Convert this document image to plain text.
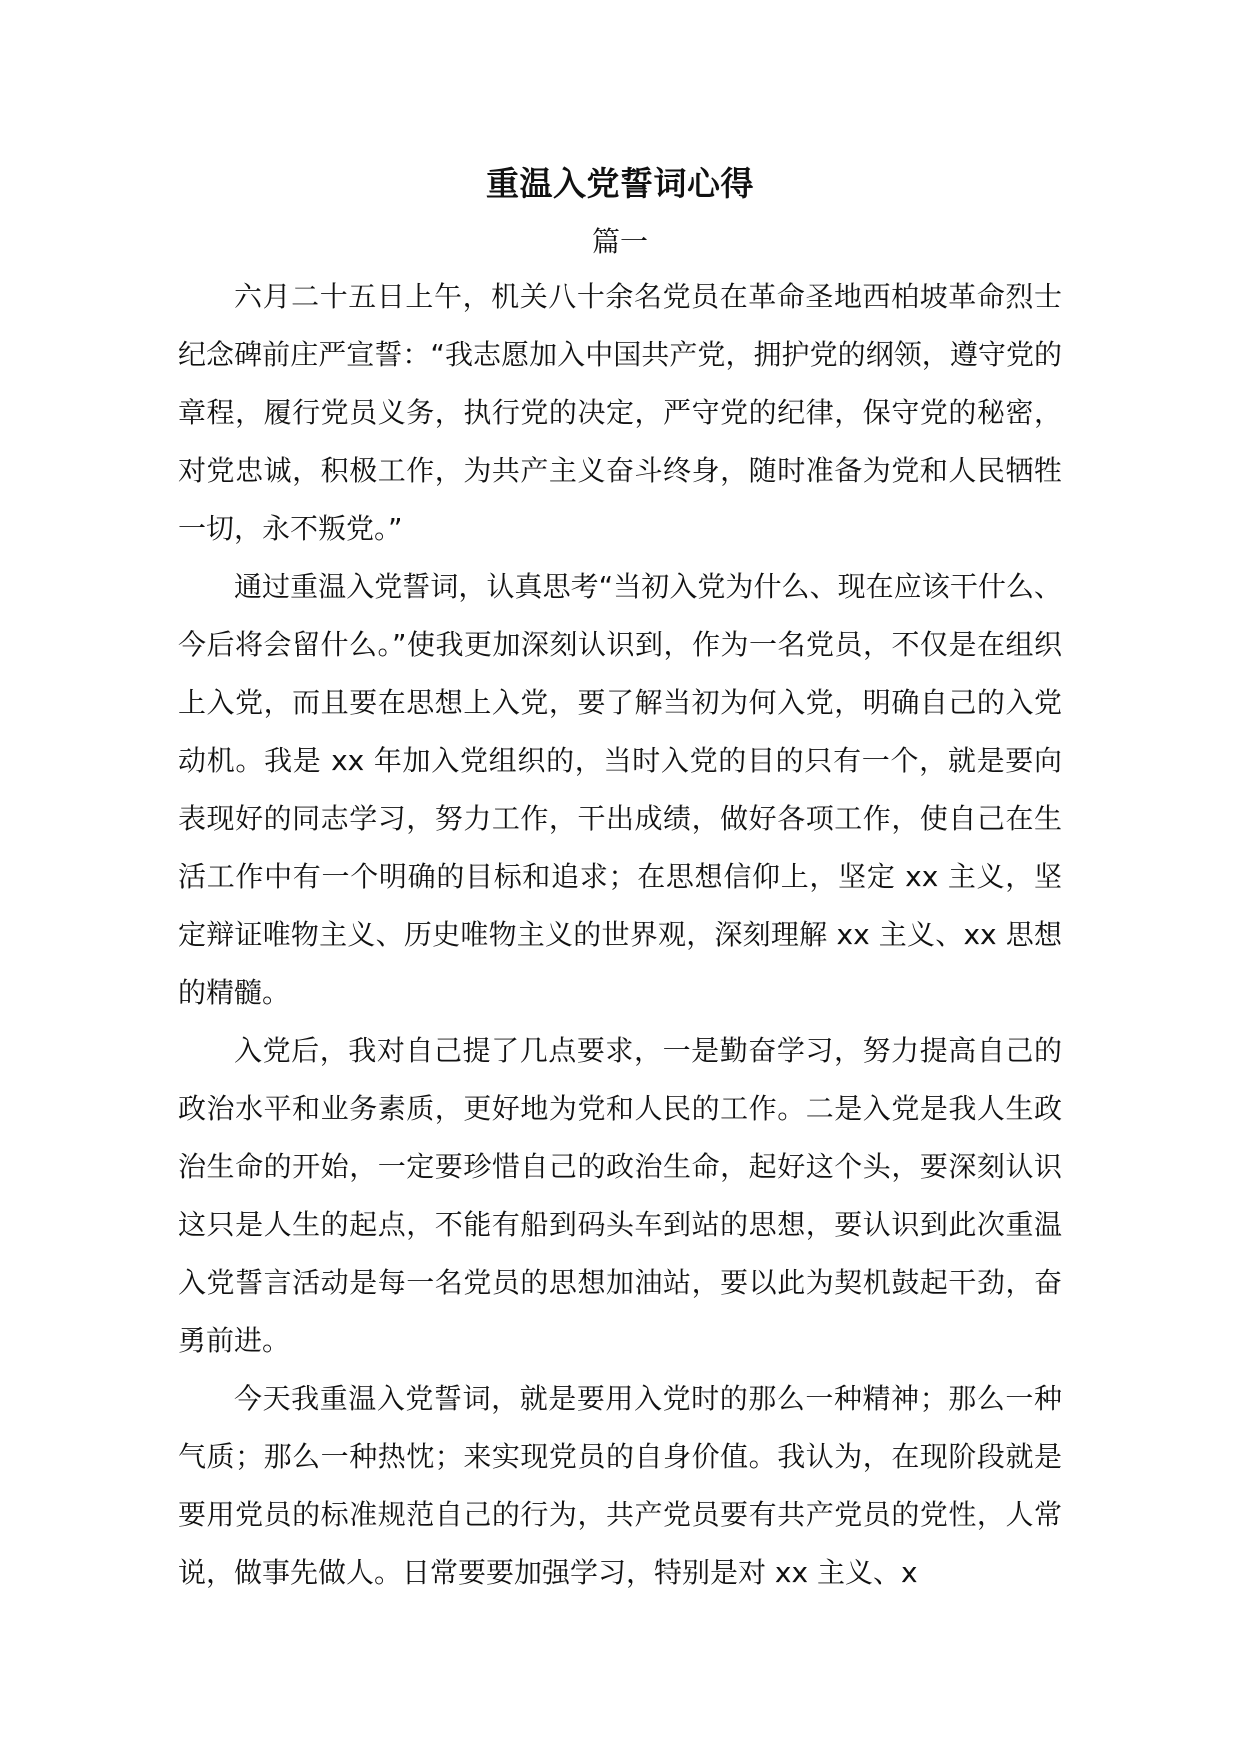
重温入党誓词心得
篇一

六月二十五日上午，机关八十余名党员在革命圣地西柏坡革命烈士纪念碑前庄严宣誓：“我志愿加入中国共产党，拥护党的纲领，遵守党的章程，履行党员义务，执行党的决定，严守党的纪律，保守党的秘密，对党忠诚，积极工作，为共产主义奋斗终身，随时准备为党和人民牺牲一切，永不叛党。”

通过重温入党誓词，认真思考“当初入党为什么、现在应该干什么、今后将会留什么。”使我更加深刻认识到，作为一名党员，不仅是在组织上入党，而且要在思想上入党，要了解当初为何入党，明确自己的入党动机。我是 xx 年加入党组织的，当时入党的目的只有一个，就是要向表现好的同志学习，努力工作，干出成绩，做好各项工作，使自己在生活工作中有一个明确的目标和追求；在思想信仰上，坚定 xx 主义，坚定辩证唯物主义、历史唯物主义的世界观，深刻理解 xx 主义、xx 思想的精髓。

入党后，我对自己提了几点要求，一是勤奋学习，努力提高自己的政治水平和业务素质，更好地为党和人民的工作。二是入党是我人生政治生命的开始，一定要珍惜自己的政治生命，起好这个头，要深刻认识这只是人生的起点，不能有船到码头车到站的思想，要认识到此次重温入党誓言活动是每一名党员的思想加油站，要以此为契机鼓起干劲，奋勇前进。

今天我重温入党誓词，就是要用入党时的那么一种精神；那么一种气质；那么一种热忱；来实现党员的自身价值。我认为，在现阶段就是要用党员的标准规范自己的行为，共产党员要有共产党员的党性，人常说，做事先做人。日常要要加强学习，特别是对 xx 主义、x
